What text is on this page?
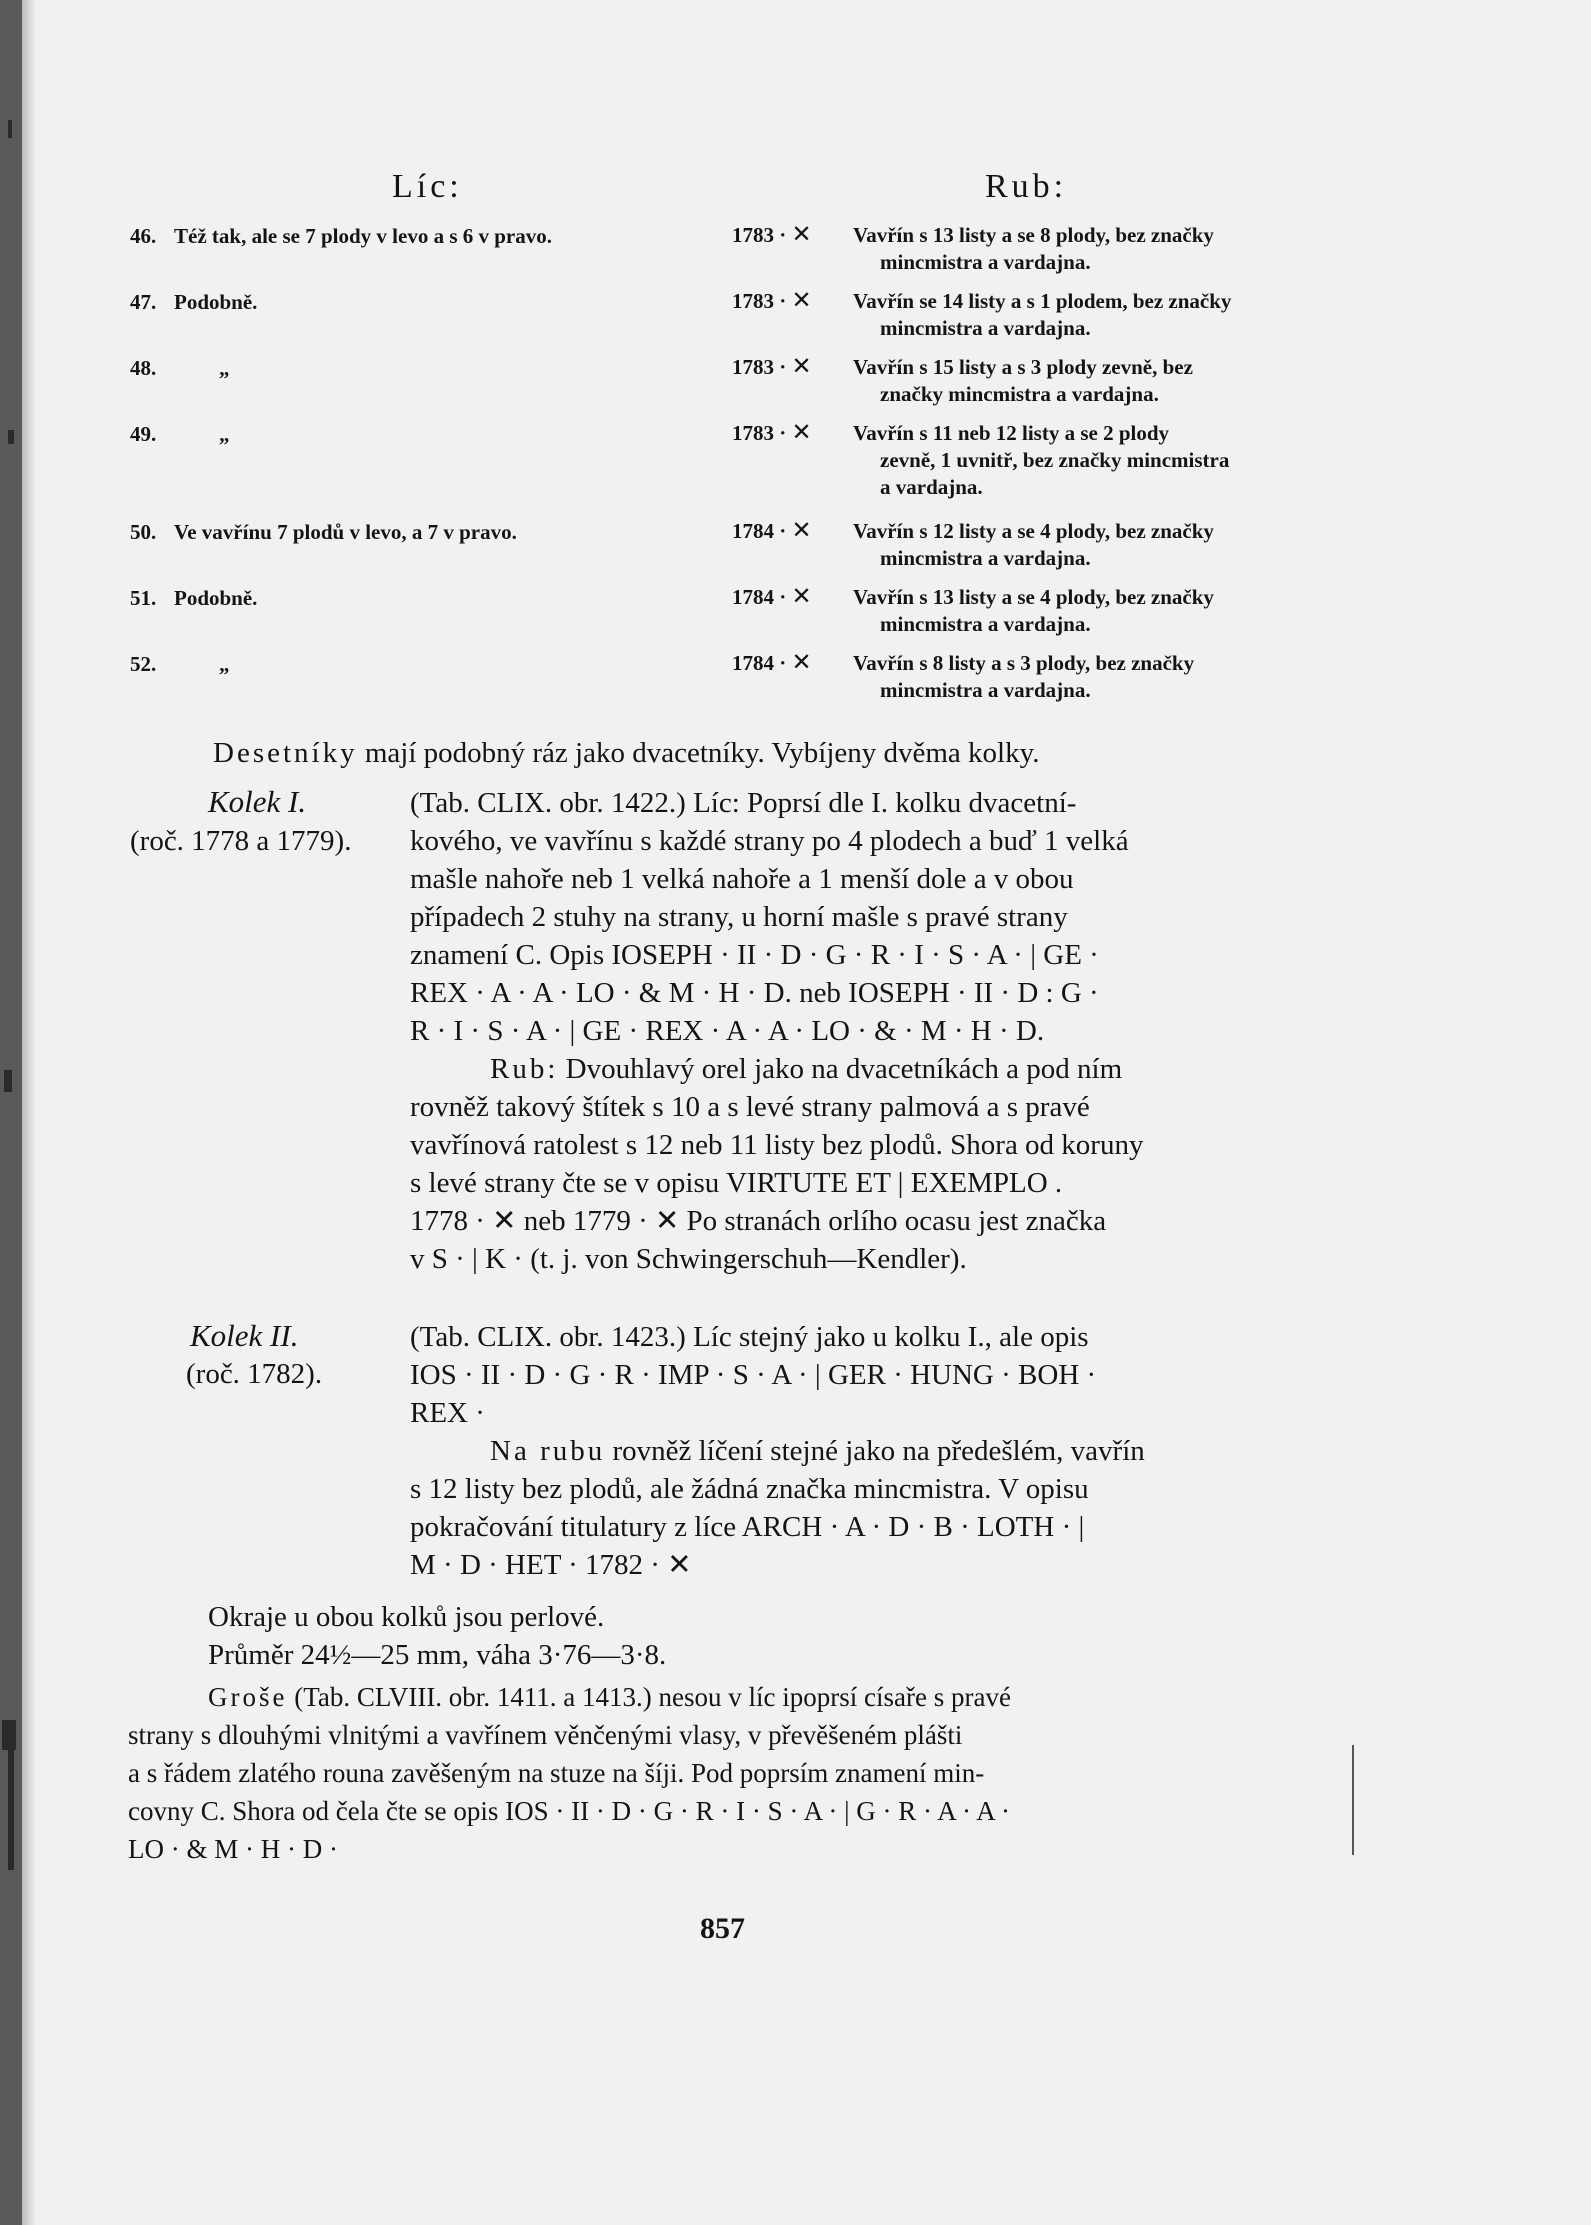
Líc:	Rub:
46. Též tak, ale se 7 plody v levo a s 6 v pravo.	1783 · ✕ Vavřín s 13 listy a se 8 plody, bez značky
mincmistra a vardajna.
47. Podobně.	1783 · ✕ Vavřín se 14 listy a s 1 plodem, bez značky
mincmistra a vardajna.
48.	„	1783 · ✕ Vavřín s 15 listy a s 3 plody zevně, bez
značky mincmistra a vardajna.
49.	„	1783 · ✕ Vavřín s 11 neb 12 listy a se 2 plody
zevně, 1 uvnitř, bez značky mincmistra
a vardajna.
50. Ve vavřínu 7 plodů v levo, a 7 v pravo.	1784 · ✕ Vavřín s 12 listy a se 4 plody, bez značky
mincmistra a vardajna.
51. Podobně.	1784 · ✕ Vavřín s 13 listy a se 4 plody, bez značky
mincmistra a vardajna.
52.	„	1784 · ✕ Vavřín s 8 listy a s 3 plody, bez značky
mincmistra a vardajna.
Desetníky mají podobný ráz jako dvacetníky. Vybíjeny dvěma kolky.
Kolek I.
(roč. 1778 a 1779).
(Tab. CLIX. obr. 1422.) Líc: Poprsí dle I. kolku dvacetní-
kového, ve vavřínu s každé strany po 4 plodech a buď 1 velká
mašle nahoře neb 1 velká nahoře a 1 menší dole a v obou
případech 2 stuhy na strany, u horní mašle s pravé strany
znamení C. Opis IOSEPH · II · D · G · R · I · S · A · | GE ·
REX · A · A · LO · & M · H · D. neb IOSEPH · II · D : G ·
R · I · S · A · | GE · REX · A · A · LO · & · M · H · D.
Rub: Dvouhlavý orel jako na dvacetníkách a pod ním
rovněž takový štítek s 10 a s levé strany palmová a s pravé
vavřínová ratolest s 12 neb 11 listy bez plodů. Shora od koruny
s levé strany čte se v opisu VIRTUTE ET | EXEMPLO .
1778 · ✕ neb 1779 · ✕ Po stranách orlího ocasu jest značka
v S · | K · (t. j. von Schwingerschuh—Kendler).
Kolek II.
(roč. 1782).
(Tab. CLIX. obr. 1423.) Líc stejný jako u kolku I., ale opis
IOS · II · D · G · R · IMP · S · A · | GER · HUNG · BOH ·
REX ·
Na rubu rovněž líčení stejné jako na předešlém, vavřín
s 12 listy bez plodů, ale žádná značka mincmistra. V opisu
pokračování titulatury z líce ARCH · A · D · B · LOTH · |
M · D · HET · 1782 · ✕
Okraje u obou kolků jsou perlové.
Průměr 24½—25 mm, váha 3·76—3·8.
Groše (Tab. CLVIII. obr. 1411. a 1413.) nesou v líc ipoprsí císaře s pravé
strany s dlouhými vlnitými a vavřínem věnčenými vlasy, v převěšeném plášti
a s řádem zlatého rouna zavěšeným na stuze na šíji. Pod poprsím znamení min-
covny C. Shora od čela čte se opis IOS · II · D · G · R · I · S · A · | G · R · A · A ·
LO · & M · H · D ·
857
